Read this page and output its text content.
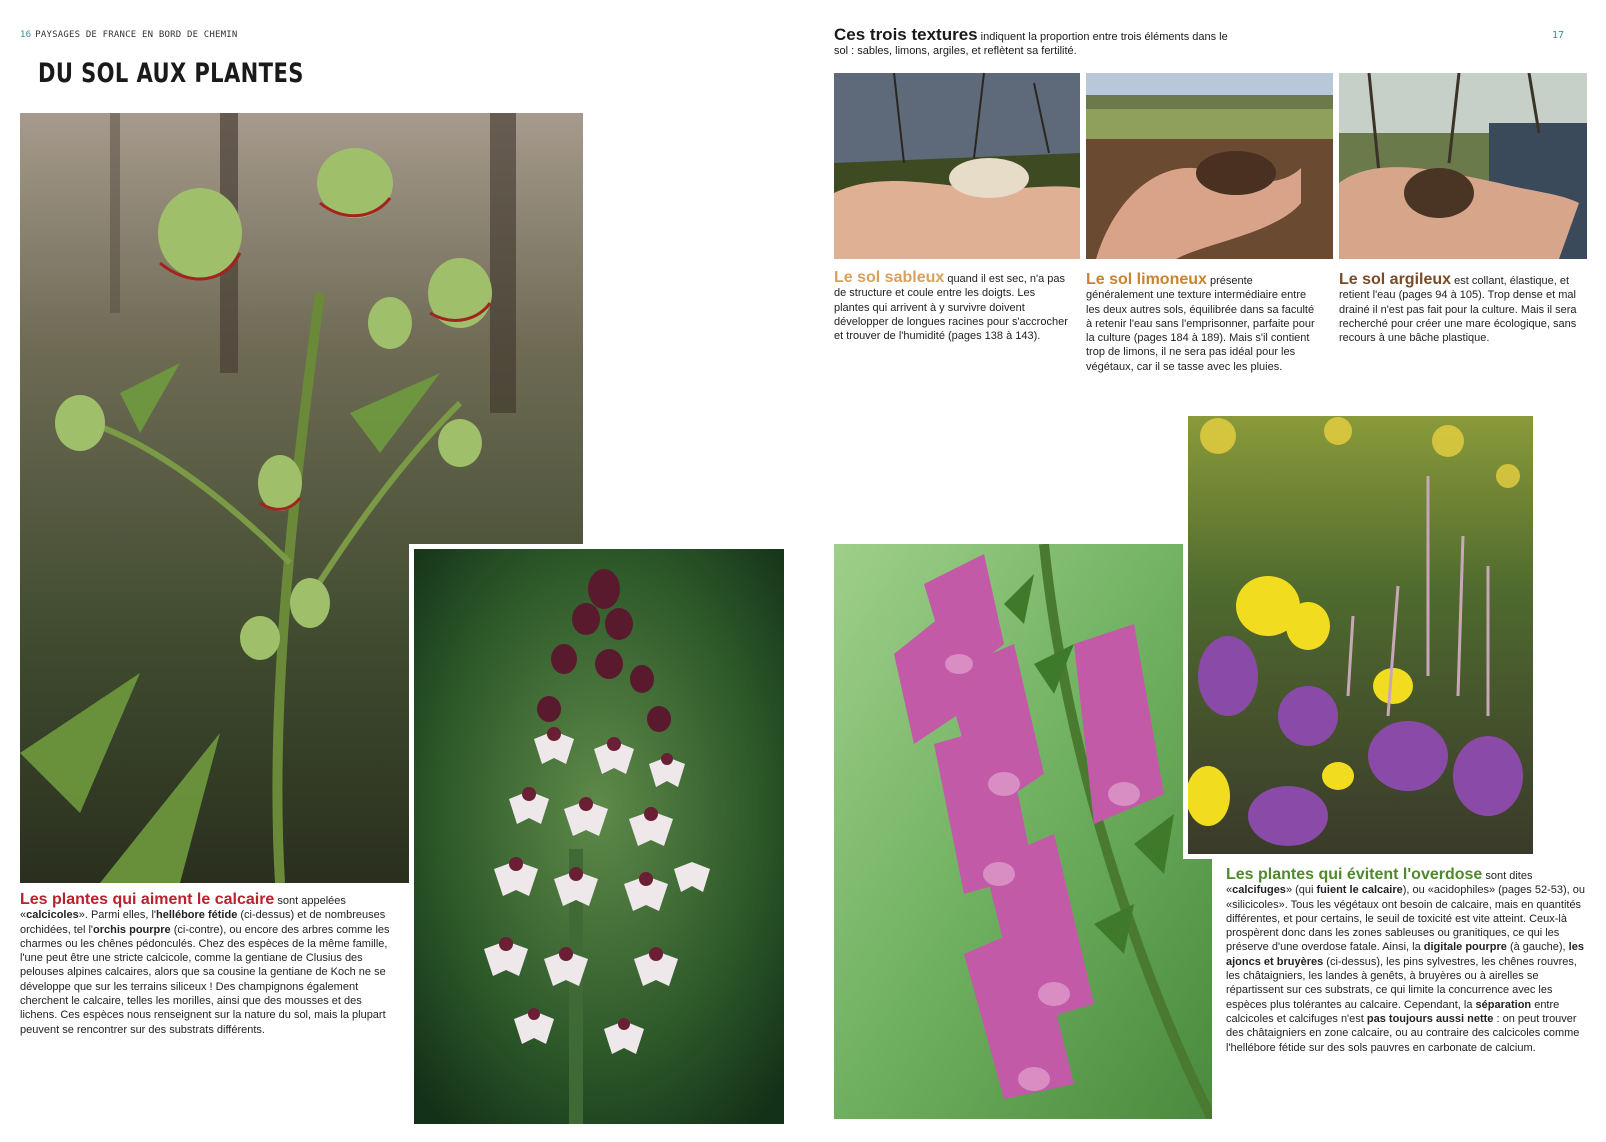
16 PAYSAGES DE FRANCE EN BORD DE CHEMIN	17
DU SOL AUX PLANTES
Ces trois textures indiquent la proportion entre trois éléments dans le sol : sables, limons, argiles, et reflètent sa fertilité.
Le sol sableux quand il est sec, n'a pas de structure et coule entre les doigts. Les plantes qui arrivent à y survivre doivent développer de longues racines pour s'accrocher et trouver de l'humidité (pages 138 à 143).
Le sol limoneux présente généralement une texture intermédiaire entre les deux autres sols, équilibrée dans sa faculté à retenir l'eau sans l'emprisonner, parfaite pour la culture (pages 184 à 189). Mais s'il contient trop de limons, il ne sera pas idéal pour les végétaux, car il se tasse avec les pluies.
Le sol argileux est collant, élastique, et retient l'eau (pages 94 à 105). Trop dense et mal drainé il n'est pas fait pour la culture. Mais il sera recherché pour créer une mare écologique, sans recours à une bâche plastique.
Les plantes qui aiment le calcaire sont appelées «calcicoles». Parmi elles, l'hellébore fétide (ci-dessus) et de nombreuses orchidées, tel l'orchis pourpre (ci-contre), ou encore des arbres comme les charmes ou les chênes pédonculés. Chez des espèces de la même famille, l'une peut être une stricte calcicole, comme la gentiane de Clusius des pelouses alpines calcaires, alors que sa cousine la gentiane de Koch ne se développe que sur les terrains siliceux ! Des champignons également cherchent le calcaire, telles les morilles, ainsi que des mousses et des lichens. Ces espèces nous renseignent sur la nature du sol, mais la plupart peuvent se rencontrer sur des substrats différents.
Les plantes qui évitent l'overdose sont dites «calcifuges» (qui fuient le calcaire), ou «acidophiles» (pages 52-53), ou «silicicoles». Tous les végétaux ont besoin de calcaire, mais en quantités différentes, et pour certains, le seuil de toxicité est vite atteint. Ceux-là prospèrent donc dans les zones sableuses ou granitiques, ce qui les préserve d'une overdose fatale. Ainsi, la digitale pourpre (à gauche), les ajoncs et bruyères (ci-dessus), les pins sylvestres, les chênes rouvres, les châtaigniers, les landes à genêts, à bruyères ou à airelles se répartissent sur ces substrats, ce qui limite la concurrence avec les espèces plus tolérantes au calcaire. Cependant, la séparation entre calcicoles et calcifuges n'est pas toujours aussi nette : on peut trouver des châtaigniers en zone calcaire, ou au contraire des calcicoles comme l'hellébore fétide sur des sols pauvres en carbonate de calcium.
